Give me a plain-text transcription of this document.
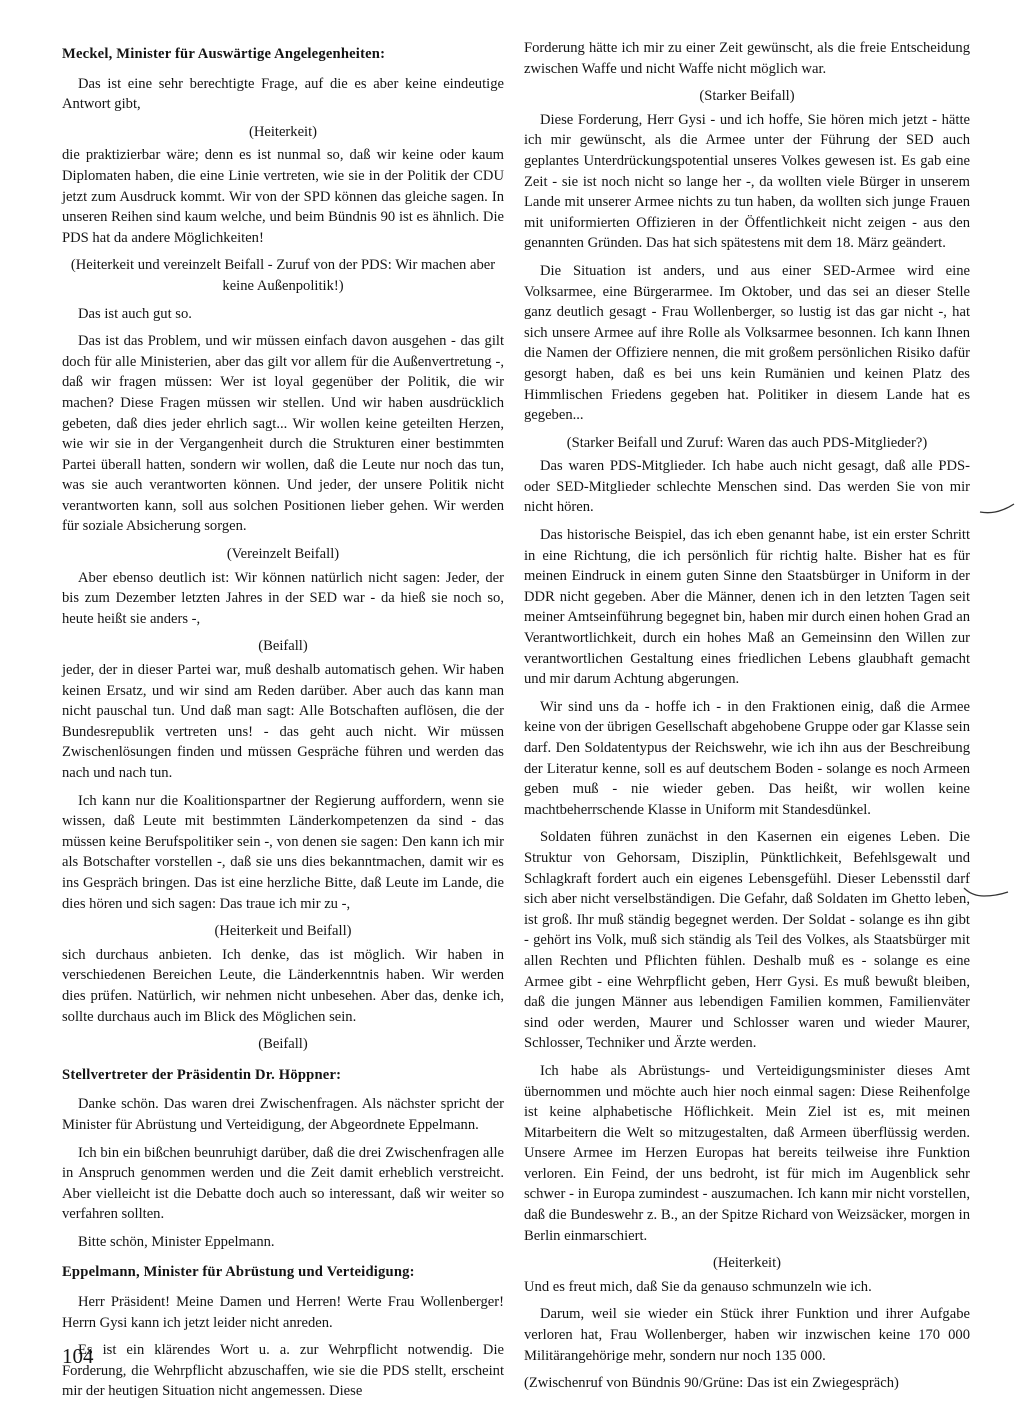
Meckel, Minister für Auswärtige Angelegenheiten:

Das ist eine sehr berechtigte Frage, auf die es aber keine eindeutige Antwort gibt,

(Heiterkeit)

die praktizierbar wäre; denn es ist nunmal so, daß wir keine oder kaum Diplomaten haben, die eine Linie vertreten, wie sie in der Politik der CDU jetzt zum Ausdruck kommt. Wir von der SPD können das gleiche sagen. In unseren Reihen sind kaum welche, und beim Bündnis 90 ist es ähnlich. Die PDS hat da andere Möglichkeiten!

(Heiterkeit und vereinzelt Beifall - Zuruf von der PDS: Wir machen aber keine Außenpolitik!)

Das ist auch gut so.

Das ist das Problem, und wir müssen einfach davon ausgehen - das gilt doch für alle Ministerien, aber das gilt vor allem für die Außenvertretung -, daß wir fragen müssen: Wer ist loyal gegenüber der Politik, die wir machen? Diese Fragen müssen wir stellen. Und wir haben ausdrücklich gebeten, daß dies jeder ehrlich sagt... Wir wollen keine geteilten Herzen, wie wir sie in der Vergangenheit durch die Strukturen einer bestimmten Partei überall hatten, sondern wir wollen, daß die Leute nur noch das tun, was sie auch verantworten können. Und jeder, der unsere Politik nicht verantworten kann, soll aus solchen Positionen lieber gehen. Wir werden für soziale Absicherung sorgen.

(Vereinzelt Beifall)

Aber ebenso deutlich ist: Wir können natürlich nicht sagen: Jeder, der bis zum Dezember letzten Jahres in der SED war - da hieß sie noch so, heute heißt sie anders -,

(Beifall)

jeder, der in dieser Partei war, muß deshalb automatisch gehen. Wir haben keinen Ersatz, und wir sind am Reden darüber. Aber auch das kann man nicht pauschal tun. Und daß man sagt: Alle Botschaften auflösen, die der Bundesrepublik vertreten uns! - das geht auch nicht. Wir müssen Zwischenlösungen finden und müssen Gespräche führen und werden das nach und nach tun.

Ich kann nur die Koalitionspartner der Regierung auffordern, wenn sie wissen, daß Leute mit bestimmten Länderkompetenzen da sind - das müssen keine Berufspolitiker sein -, von denen sie sagen: Den kann ich mir als Botschafter vorstellen -, daß sie uns dies bekanntmachen, damit wir es ins Gespräch bringen. Das ist eine herzliche Bitte, daß Leute im Lande, die dies hören und sich sagen: Das traue ich mir zu -,

(Heiterkeit und Beifall)

sich durchaus anbieten. Ich denke, das ist möglich. Wir haben in verschiedenen Bereichen Leute, die Länderkenntnis haben. Wir werden dies prüfen. Natürlich, wir nehmen nicht unbesehen. Aber das, denke ich, sollte durchaus auch im Blick des Möglichen sein.

(Beifall)

Stellvertreter der Präsidentin Dr. Höppner:

Danke schön. Das waren drei Zwischenfragen. Als nächster spricht der Minister für Abrüstung und Verteidigung, der Abgeordnete Eppelmann.

Ich bin ein bißchen beunruhigt darüber, daß die drei Zwischenfragen alle in Anspruch genommen werden und die Zeit damit erheblich verstreicht. Aber vielleicht ist die Debatte doch auch so interessant, daß wir weiter so verfahren sollten.

Bitte schön, Minister Eppelmann.

Eppelmann, Minister für Abrüstung und Verteidigung:

Herr Präsident! Meine Damen und Herren! Werte Frau Wollenberger! Herrn Gysi kann ich jetzt leider nicht anreden.

Es ist ein klärendes Wort u. a. zur Wehrpflicht notwendig. Die Forderung, die Wehrpflicht abzuschaffen, wie sie die PDS stellt, erscheint mir der heutigen Situation nicht angemessen. Diese

Forderung hätte ich mir zu einer Zeit gewünscht, als die freie Entscheidung zwischen Waffe und nicht Waffe nicht möglich war.

(Starker Beifall)

Diese Forderung, Herr Gysi - und ich hoffe, Sie hören mich jetzt - hätte ich mir gewünscht, als die Armee unter der Führung der SED auch geplantes Unterdrückungspotential unseres Volkes gewesen ist. Es gab eine Zeit - sie ist noch nicht so lange her -, da wollten viele Bürger in unserem Lande mit unserer Armee nichts zu tun haben, da wollten sich junge Frauen mit uniformierten Offizieren in der Öffentlichkeit nicht zeigen - aus den genannten Gründen. Das hat sich spätestens mit dem 18. März geändert.

Die Situation ist anders, und aus einer SED-Armee wird eine Volksarmee, eine Bürgerarmee. Im Oktober, und das sei an dieser Stelle ganz deutlich gesagt - Frau Wollenberger, so lustig ist das gar nicht -, hat sich unsere Armee auf ihre Rolle als Volksarmee besonnen. Ich kann Ihnen die Namen der Offiziere nennen, die mit großem persönlichen Risiko dafür gesorgt haben, daß es bei uns kein Rumänien und keinen Platz des Himmlischen Friedens gegeben hat. Politiker in diesem Lande hat es gegeben...

(Starker Beifall und Zuruf: Waren das auch PDS-Mitglieder?)

Das waren PDS-Mitglieder. Ich habe auch nicht gesagt, daß alle PDS- oder SED-Mitglieder schlechte Menschen sind. Das werden Sie von mir nicht hören.

Das historische Beispiel, das ich eben genannt habe, ist ein erster Schritt in eine Richtung, die ich persönlich für richtig halte. Bisher hat es für meinen Eindruck in einem guten Sinne den Staatsbürger in Uniform in der DDR nicht gegeben. Aber die Männer, denen ich in den letzten Tagen seit meiner Amtseinführung begegnet bin, haben mir durch einen hohen Grad an Verantwortlichkeit, durch ein hohes Maß an Gemeinsinn den Willen zur verantwortlichen Gestaltung eines friedlichen Lebens glaubhaft gemacht und mir darum Achtung abgerungen.

Wir sind uns da - hoffe ich - in den Fraktionen einig, daß die Armee keine von der übrigen Gesellschaft abgehobene Gruppe oder gar Klasse sein darf. Den Soldatentypus der Reichswehr, wie ich ihn aus der Beschreibung der Literatur kenne, soll es auf deutschem Boden - solange es noch Armeen geben muß - nie wieder geben. Das heißt, wir wollen keine machtbeherrschende Klasse in Uniform mit Standesdünkel.

Soldaten führen zunächst in den Kasernen ein eigenes Leben. Die Struktur von Gehorsam, Disziplin, Pünktlichkeit, Befehlsgewalt und Schlagkraft fordert auch ein eigenes Lebensgefühl. Dieser Lebensstil darf sich aber nicht verselbständigen. Die Gefahr, daß Soldaten im Ghetto leben, ist groß. Ihr muß ständig begegnet werden. Der Soldat - solange es ihn gibt - gehört ins Volk, muß sich ständig als Teil des Volkes, als Staatsbürger mit allen Rechten und Pflichten fühlen. Deshalb muß es - solange es eine Armee gibt - eine Wehrpflicht geben, Herr Gysi. Es muß bewußt bleiben, daß die jungen Männer aus lebendigen Familien kommen, Familienväter sind oder werden, Maurer und Schlosser waren und wieder Maurer, Schlosser, Techniker und Ärzte werden.

Ich habe als Abrüstungs- und Verteidigungsminister dieses Amt übernommen und möchte auch hier noch einmal sagen: Diese Reihenfolge ist keine alphabetische Höflichkeit. Mein Ziel ist es, mit meinen Mitarbeitern die Welt so mitzugestalten, daß Armeen überflüssig werden. Unsere Armee im Herzen Europas hat bereits teilweise ihre Funktion verloren. Ein Feind, der uns bedroht, ist für mich im Augenblick sehr schwer - in Europa zumindest - auszumachen. Ich kann mir nicht vorstellen, daß die Bundeswehr z. B., an der Spitze Richard von Weizsäcker, morgen in Berlin einmarschiert.

(Heiterkeit)

Und es freut mich, daß Sie da genauso schmunzeln wie ich.

Darum, weil sie wieder ein Stück ihrer Funktion und ihrer Aufgabe verloren hat, Frau Wollenberger, haben wir inzwischen keine 170 000 Militärangehörige mehr, sondern nur noch 135 000.

(Zwischenruf von Bündnis 90/Grüne: Das ist ein Zwiegespräch)

104
